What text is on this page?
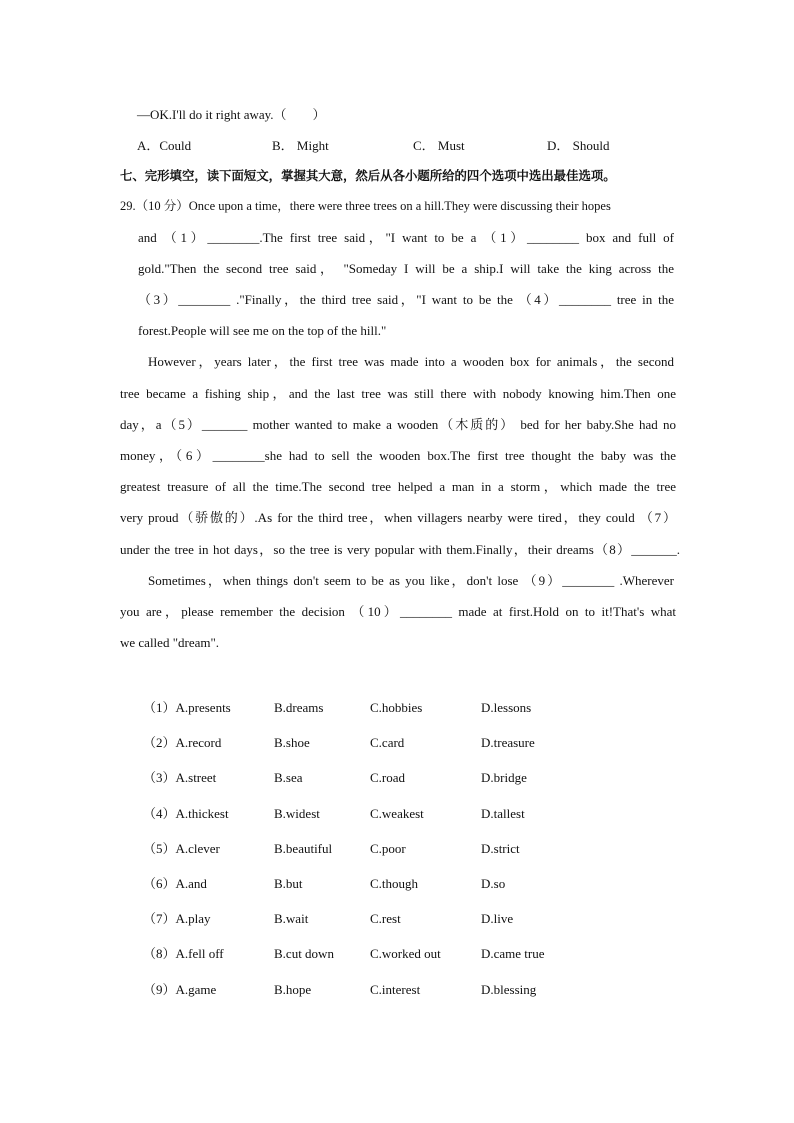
—OK.I'll do it right away.（　　）
A．Could	B． Might	C． Must	D． Should
七、完形填空，读下面短文，掌握其大意，然后从各小题所给的四个选项中选出最佳选项。
29.（10 分）Once upon a time，there were three trees on a hill.They were discussing their hopes
and （1）________.The first tree said，"I want to be a （1）________ box and full of
gold."Then the second tree said， "Someday I will be a ship.I will take the king across the
（3）________ ."Finally，the third tree said，"I want to be the （4）________ tree in the
forest.People will see me on the top of the hill."
However，years later，the first tree was made into a wooden box for animals，the second
tree became a fishing ship，and the last tree was still there with nobody knowing him.Then one
day，a（5）_______ mother wanted to make a wooden（木质的） bed for her baby.She had no
money，（6）________she had to sell the wooden box.The first tree thought the baby was the
greatest treasure of all the time.The second tree helped a man in a storm，which made the tree
very proud（骄傲的）.As for the third tree，when villagers nearby were tired，they could （7）
under the tree in hot days，so the tree is very popular with them.Finally，their dreams（8）_______.
Sometimes，when things don't seem to be as you like，don't lose （9）________ .Wherever
you are，please remember the decision （10）________ made at first.Hold on to it!That's what
we called "dream".
（1）A.presents	B.dreams	C.hobbies	D.lessons
（2）A.record	B.shoe	C.card	D.treasure
（3）A.street	B.sea	C.road	D.bridge
（4）A.thickest	B.widest	C.weakest	D.tallest
（5）A.clever	B.beautiful	C.poor	D.strict
（6）A.and	B.but	C.though	D.so
（7）A.play	B.wait	C.rest	D.live
（8）A.fell off	B.cut down	C.worked out	D.came true
（9）A.game	B.hope	C.interest	D.blessing
